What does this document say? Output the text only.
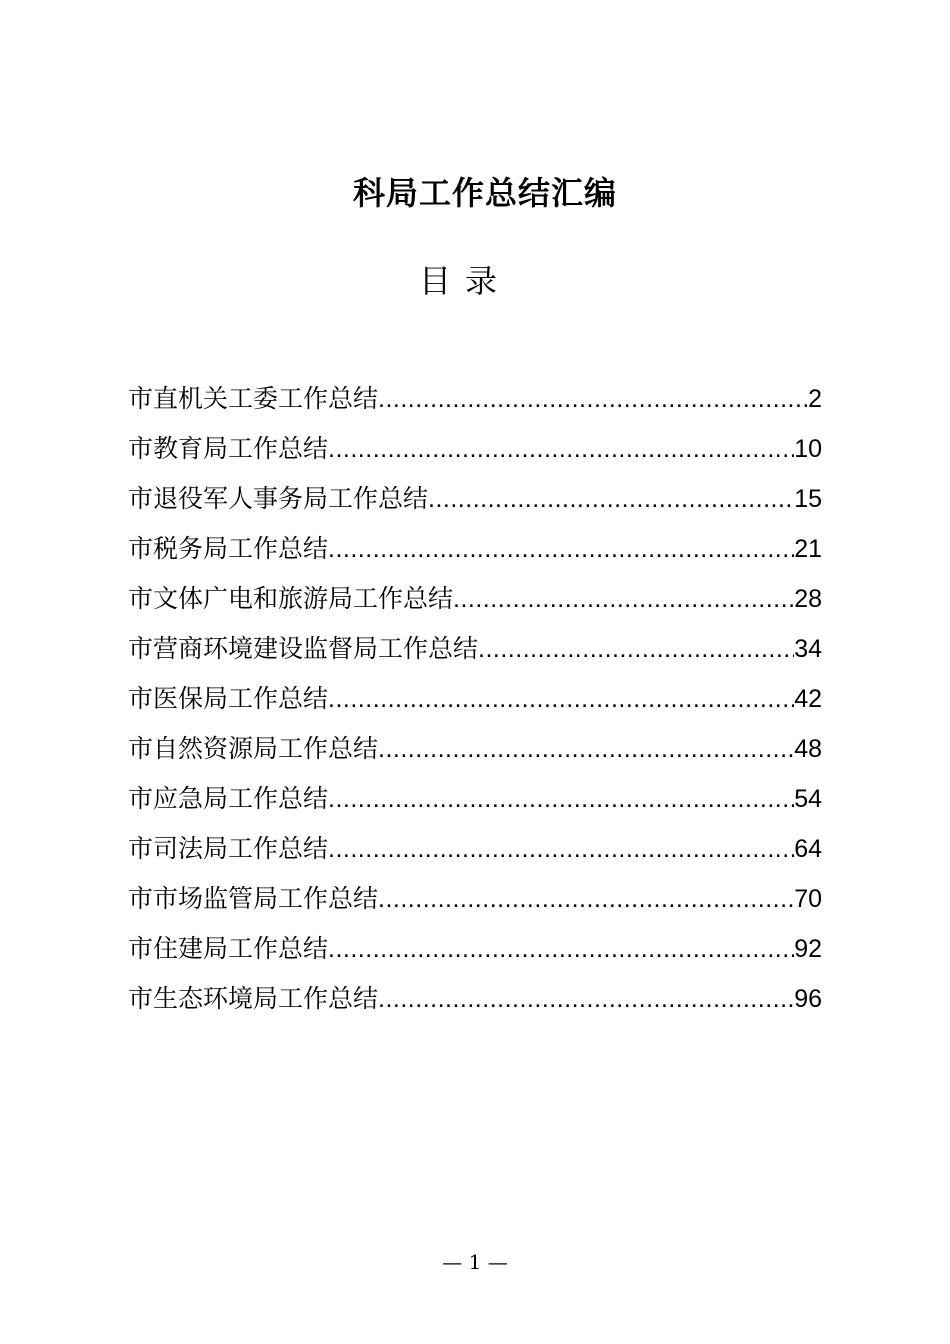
科局工作总结汇编
目 录
市直机关工委工作总结 .....	2
市教育局工作总结 .....	10
市退役军人事务局工作总结 .....	15
市税务局工作总结 .....	21
市文体广电和旅游局工作总结 .....	28
市营商环境建设监督局工作总结 .....	34
市医保局工作总结 .....	42
市自然资源局工作总结 .....	48
市应急局工作总结 .....	54
市司法局工作总结 .....	64
市市场监管局工作总结 .....	70
市住建局工作总结 .....	92
市生态环境局工作总结 .....	96
— 1 —
